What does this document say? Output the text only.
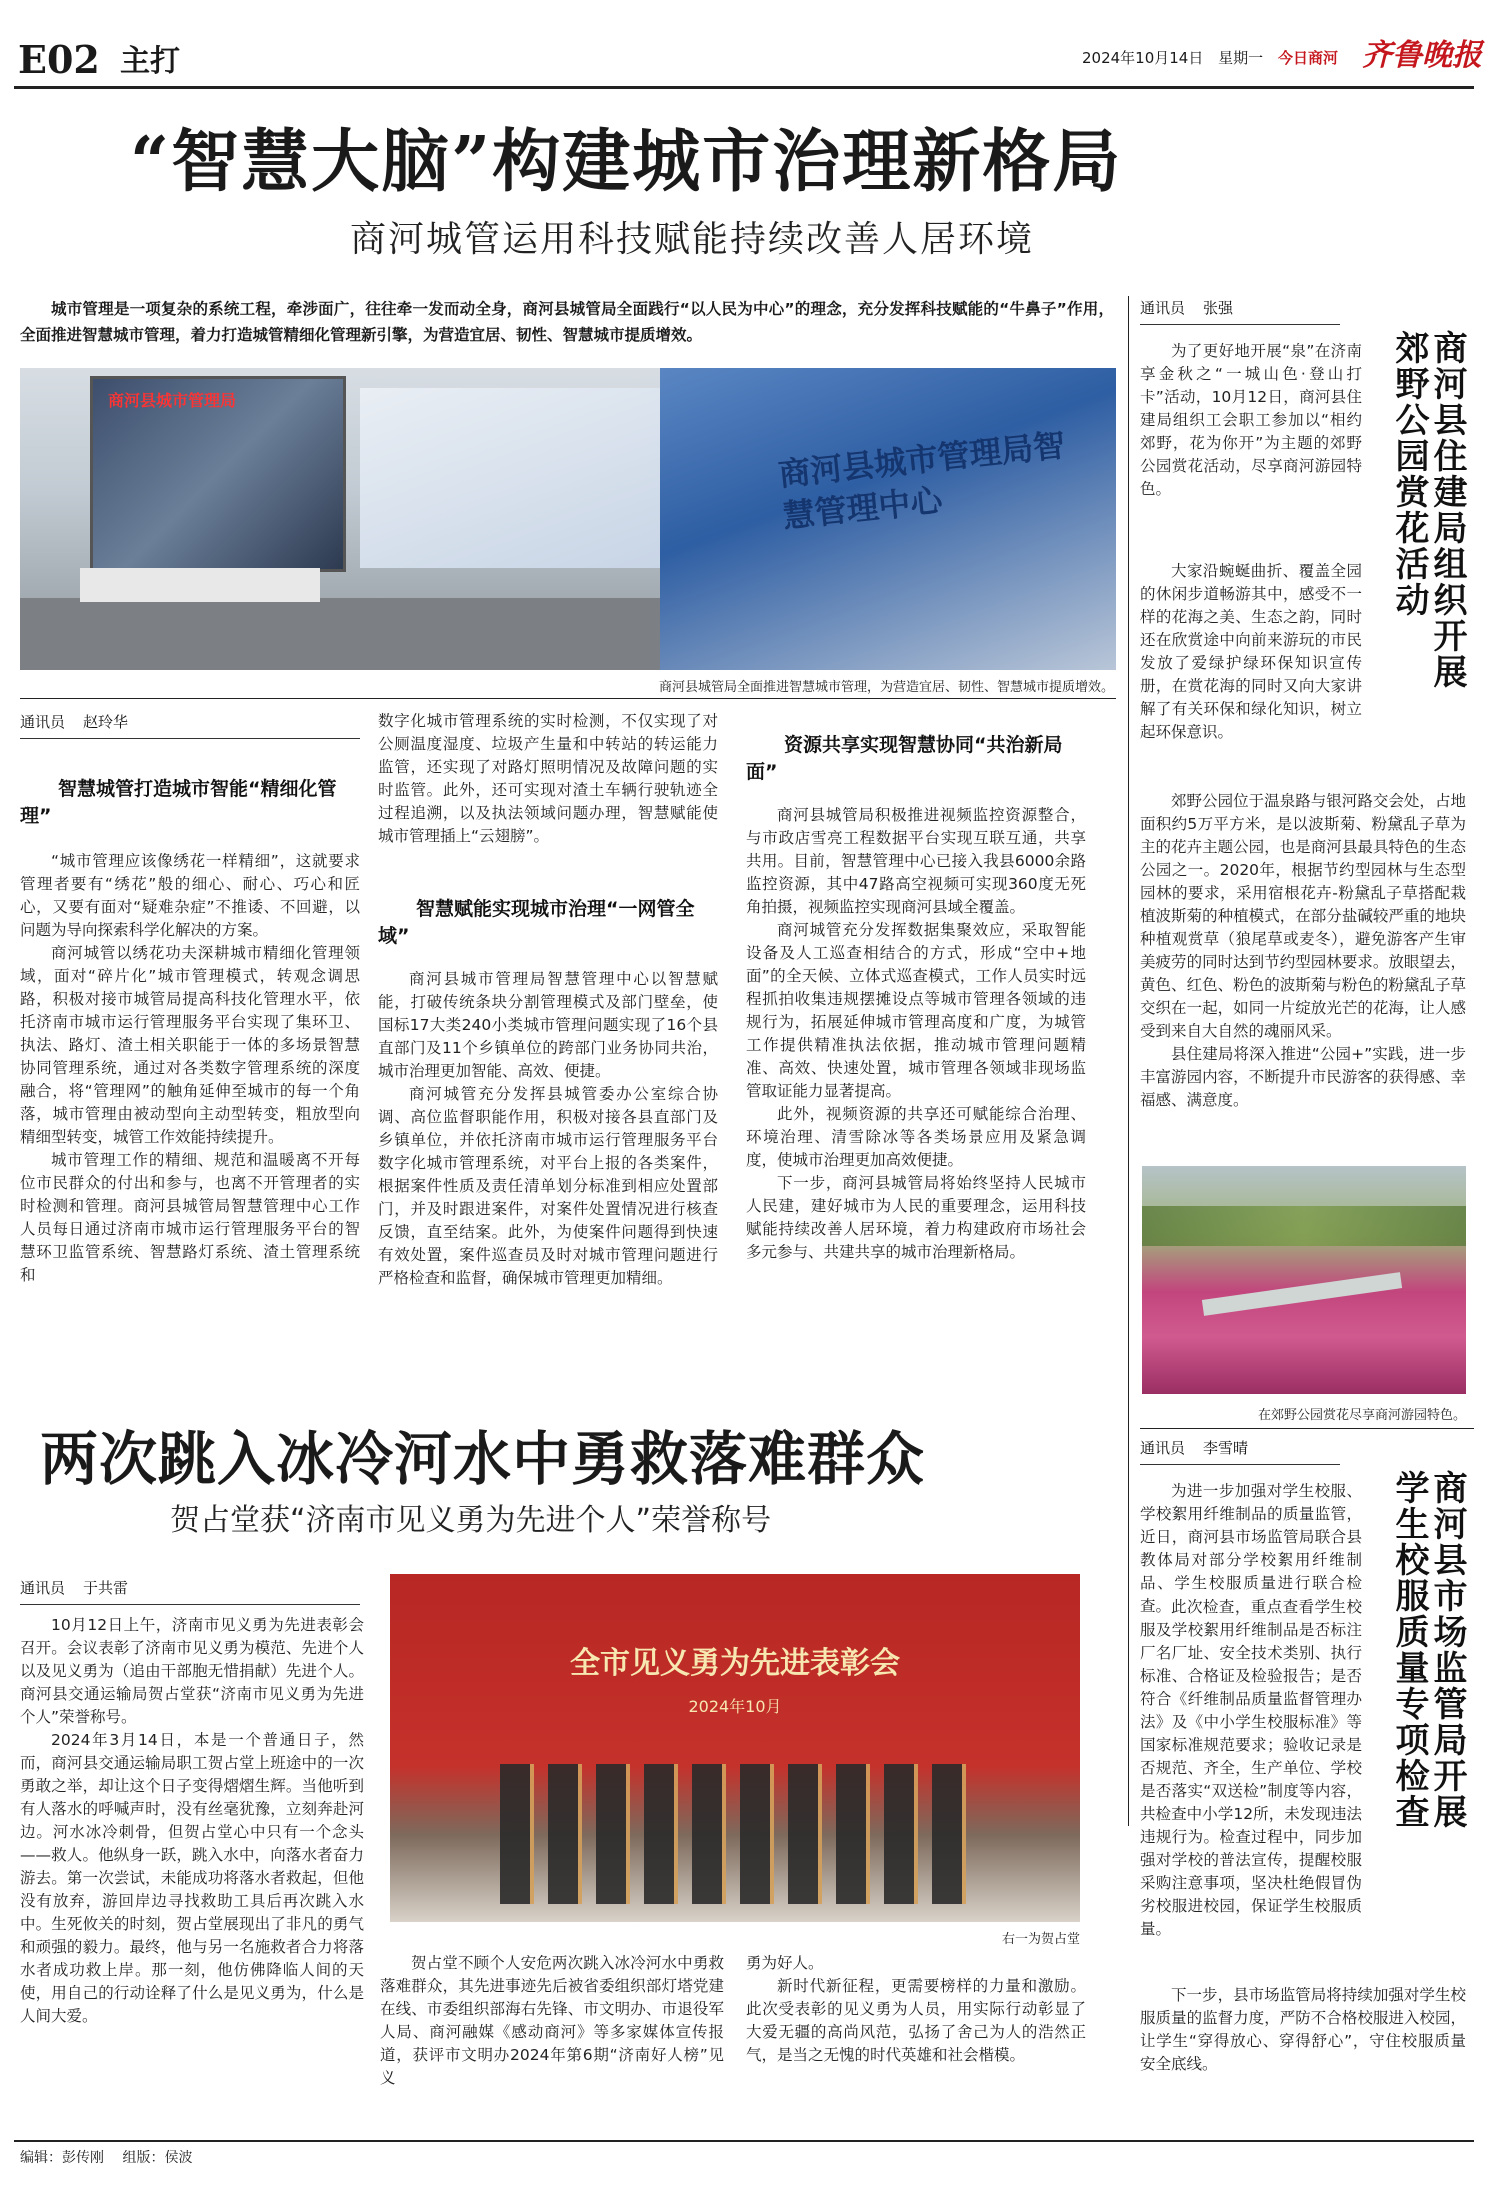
E02 主打	2024年10月14日 星期一 今日商河 齐鲁晚报
“智慧大脑”构建城市治理新格局
商河城管运用科技赋能持续改善人居环境
城市管理是一项复杂的系统工程，牵涉面广，往往牵一发而动全身，商河县城管局全面践行“以人民为中心”的理念，充分发挥科技赋能的“牛鼻子”作用，全面推进智慧城市管理，着力打造城管精细化管理新引擎，为营造宜居、韧性、智慧城市提质增效。
商河县城市管理局
商河县城市管理局智慧管理中心
商河县城管局全面推进智慧城市管理，为营造宜居、韧性、智慧城市提质增效。
通讯员 赵玲华
智慧城管打造城市智能“精细化管理”

“城市管理应该像绣花一样精细”，这就要求管理者要有“绣花”般的细心、耐心、巧心和匠心，又要有面对“疑难杂症”不推诿、不回避，以问题为导向探索科学化解决的方案。

商河城管以绣花功夫深耕城市精细化管理领域，面对“碎片化”城市管理模式，转观念调思路，积极对接市城管局提高科技化管理水平，依托济南市城市运行管理服务平台实现了集环卫、执法、路灯、渣土相关职能于一体的多场景智慧协同管理系统，通过对各类数字管理系统的深度融合，将“管理网”的触角延伸至城市的每一个角落，城市管理由被动型向主动型转变，粗放型向精细型转变，城管工作效能持续提升。

城市管理工作的精细、规范和温暖离不开每位市民群众的付出和参与，也离不开管理者的实时检测和管理。商河县城管局智慧管理中心工作人员每日通过济南市城市运行管理服务平台的智慧环卫监管系统、智慧路灯系统、渣土管理系统和

数字化城市管理系统的实时检测，不仅实现了对公厕温度湿度、垃圾产生量和中转站的转运能力监管，还实现了对路灯照明情况及故障问题的实时监管。此外，还可实现对渣土车辆行驶轨迹全过程追溯，以及执法领域问题办理，智慧赋能使城市管理插上“云翅膀”。

智慧赋能实现城市治理“一网管全域”

商河县城市管理局智慧管理中心以智慧赋能，打破传统条块分割管理模式及部门壁垒，使国标17大类240小类城市管理问题实现了16个县直部门及11个乡镇单位的跨部门业务协同共治，城市治理更加智能、高效、便捷。

商河城管充分发挥县城管委办公室综合协调、高位监督职能作用，积极对接各县直部门及乡镇单位，并依托济南市城市运行管理服务平台数字化城市管理系统，对平台上报的各类案件，根据案件性质及责任清单划分标准到相应处置部门，并及时跟进案件，对案件处置情况进行核查反馈，直至结案。此外，为使案件问题得到快速有效处置，案件巡查员及时对城市管理问题进行严格检查和监督，确保城市管理更加精细。

资源共享实现智慧协同“共治新局面”

商河县城管局积极推进视频监控资源整合，与市政店雪亮工程数据平台实现互联互通，共享共用。目前，智慧管理中心已接入我县6000余路监控资源，其中47路高空视频可实现360度无死角拍摄，视频监控实现商河县域全覆盖。

商河城管充分发挥数据集聚效应，采取智能设备及人工巡查相结合的方式，形成“空中+地面”的全天候、立体式巡查模式，工作人员实时远程抓拍收集违规摆摊设点等城市管理各领域的违规行为，拓展延伸城市管理高度和广度，为城管工作提供精准执法依据，推动城市管理问题精准、高效、快速处置，城市管理各领域非现场监管取证能力显著提高。

此外，视频资源的共享还可赋能综合治理、环境治理、清雪除冰等各类场景应用及紧急调度，使城市治理更加高效便捷。

下一步，商河县城管局将始终坚持人民城市人民建，建好城市为人民的重要理念，运用科技赋能持续改善人居环境，着力构建政府市场社会多元参与、共建共享的城市治理新格局。

通讯员 张强
商河县住建局组织开展郊野公园赏花活动

为了更好地开展“泉”在济南享金秋之“一城山色·登山打卡”活动，10月12日，商河县住建局组织工会职工参加以“相约郊野，花为你开”为主题的郊野公园赏花活动，尽享商河游园特色。

大家沿蜿蜒曲折、覆盖全园的休闲步道畅游其中，感受不一样的花海之美、生态之韵，同时还在欣赏途中向前来游玩的市民发放了爱绿护绿环保知识宣传册，在赏花海的同时又向大家讲解了有关环保和绿化知识，树立起环保意识。

郊野公园位于温泉路与银河路交会处，占地面积约5万平方米，是以波斯菊、粉黛乱子草为主的花卉主题公园，也是商河县最具特色的生态公园之一。2020年，根据节约型园林与生态型园林的要求，采用宿根花卉-粉黛乱子草搭配栽植波斯菊的种植模式，在部分盐碱较严重的地块种植观赏草（狼尾草或麦冬），避免游客产生审美疲劳的同时达到节约型园林要求。放眼望去，黄色、红色、粉色的波斯菊与粉色的粉黛乱子草交织在一起，如同一片绽放光芒的花海，让人感受到来自大自然的魂丽风采。

县住建局将深入推进“公园+”实践，进一步丰富游园内容，不断提升市民游客的获得感、幸福感、满意度。

在郊野公园赏花尽享商河游园特色。
通讯员 李雪晴
商河县市场监管局开展学生校服质量专项检查

为进一步加强对学生校服、学校絮用纤维制品的质量监管，近日，商河县市场监管局联合县教体局对部分学校絮用纤维制品、学生校服质量进行联合检查。 此次检查，重点查看学生校服及学校絮用纤维制品是否标注厂名厂址、安全技术类别、执行标准、合格证及检验报告；是否符合《纤维制品质量监督管理办法》及《中小学生校服标准》等国家标准规范要求；验收记录是否规范、齐全，生产单位、学校是否落实“双送检”制度等内容，共检查中小学12所，未发现违法违规行为。检查过程中，同步加强对学校的普法宣传，提醒校服采购注意事项，坚决杜绝假冒伪劣校服进校园，保证学生校服质量。

下一步，县市场监管局将持续加强对学生校服质量的监督力度，严防不合格校服进入校园，让学生“穿得放心、穿得舒心”，守住校服质量安全底线。

两次跳入冰冷河水中勇救落难群众
贺占堂获“济南市见义勇为先进个人”荣誉称号
通讯员 于共雷

10月12日上午，济南市见义勇为先进表彰会召开。会议表彰了济南市见义勇为模范、先进个人以及见义勇为（追由干部胞无惜捐献）先进个人。商河县交通运输局贺占堂获“济南市见义勇为先进个人”荣誉称号。

2024年3月14日，本是一个普通日子，然而，商河县交通运输局职工贺占堂上班途中的一次勇敢之举，却让这个日子变得熠熠生辉。当他听到有人落水的呼喊声时，没有丝毫犹豫，立刻奔赴河边。河水冰冷刺骨，但贺占堂心中只有一个念头——救人。他纵身一跃，跳入水中，向落水者奋力游去。第一次尝试，未能成功将落水者救起，但他没有放弃，游回岸边寻找救助工具后再次跳入水中。生死攸关的时刻，贺占堂展现出了非凡的勇气和顽强的毅力。最终，他与另一名施救者合力将落水者成功救上岸。那一刻，他仿佛降临人间的天使，用自己的行动诠释了什么是见义勇为，什么是人间大爱。

全市见义勇为先进表彰会
2024年10月
右一为贺占堂

贺占堂不顾个人安危两次跳入冰冷河水中勇救落难群众，其先进事迹先后被省委组织部灯塔党建在线、市委组织部海右先锋、市文明办、市退役军人局、商河融媒《感动商河》等多家媒体宣传报道，获评市文明办2024年第6期“济南好人榜”见义

勇为好人。

新时代新征程，更需要榜样的力量和激励。此次受表彰的见义勇为人员，用实际行动彰显了大爱无疆的高尚风范，弘扬了舍己为人的浩然正气，是当之无愧的时代英雄和社会楷模。

编辑：彭传刚 组版：侯波
